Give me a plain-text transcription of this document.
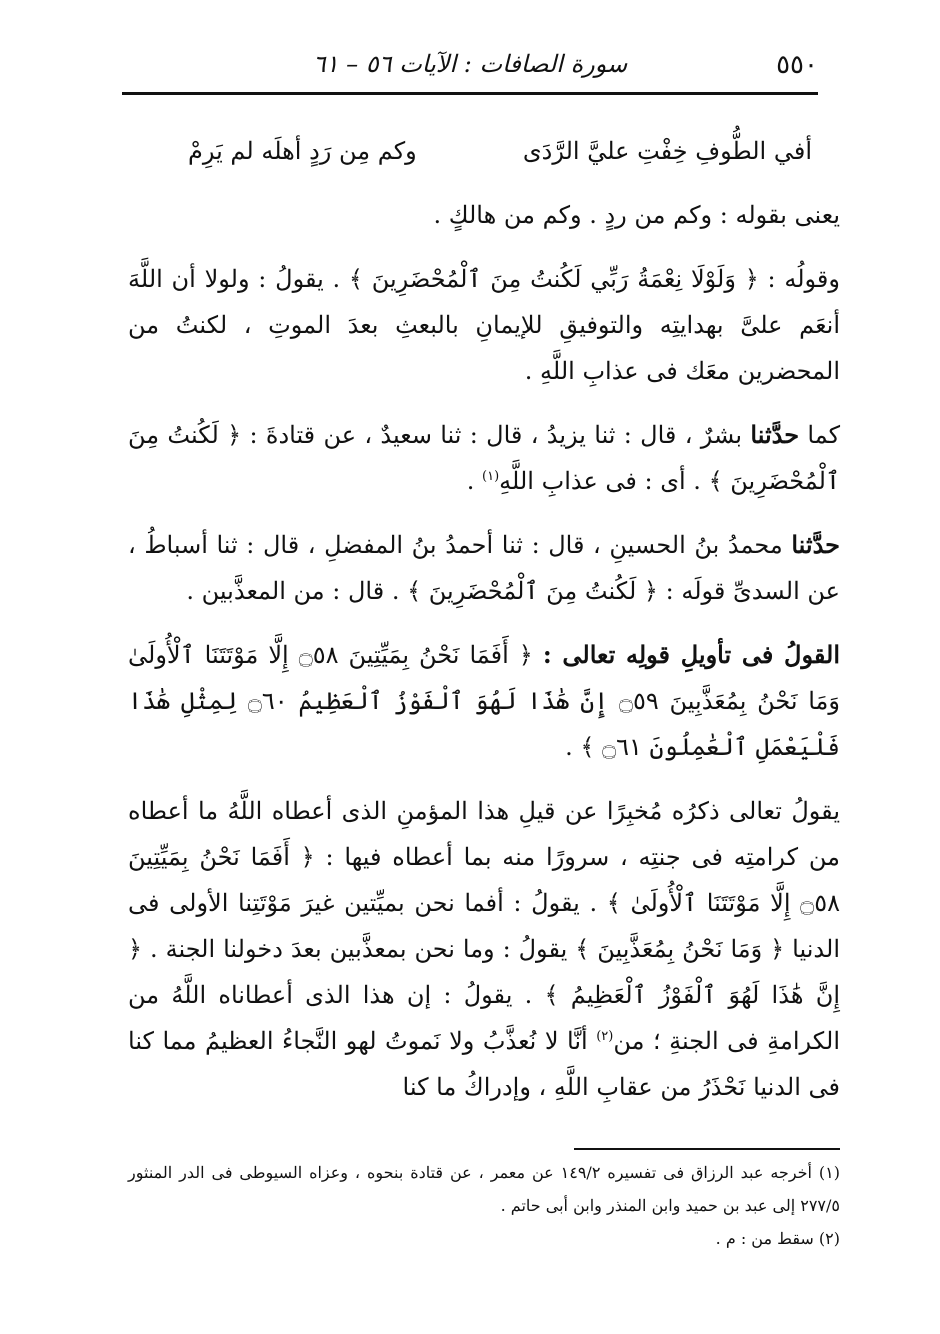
٥٥٠
سورة الصافات : الآيات ٥٦ – ٦١

أفي الطُّوفِ خِفْتِ عليَّ الرَّدَى
وكم مِن رَدٍ أهلَه لم يَرِمْ

يعنى بقوله : وكم من ردٍ . وكم من هالكٍ .

وقولُه : ﴿ وَلَوْلَا نِعْمَةُ رَبِّي لَكُنتُ مِنَ ٱلْمُحْضَرِينَ ﴾ . يقولُ : ولولا أن اللَّهَ أنعَم علىَّ بهدايتِه والتوفيقِ للإيمانِ بالبعثِ بعدَ الموتِ ، لكنتُ من المحضرين معَك فى عذابِ اللَّهِ .

كما حدَّثنا بشرٌ ، قال : ثنا يزيدُ ، قال : ثنا سعيدٌ ، عن قتادةَ : ﴿ لَكُنتُ مِنَ ٱلْمُحْضَرِينَ ﴾ . أى : فى عذابِ اللَّهِ$^{(١)}$ .

حدَّثنا محمدُ بنُ الحسينِ ، قال : ثنا أحمدُ بنُ المفضلِ ، قال : ثنا أسباطُ ، عن السدىِّ قولَه : ﴿ لَكُنتُ مِنَ ٱلْمُحْضَرِينَ ﴾ . قال : من المعذَّبين .

القولُ فى تأويلِ قولِه تعالى : ﴿ أَفَمَا نَحْنُ بِمَيِّتِينَ ۝٥٨ إِلَّا مَوْتَتَنَا ٱلْأُولَىٰ وَمَا نَحْنُ بِمُعَذَّبِينَ ۝٥٩ إِنَّ هَٰذَا لَهُوَ ٱلْفَوْزُ ٱلْعَظِيمُ ۝٦٠ لِمِثْلِ هَٰذَا فَلْيَعْمَلِ ٱلْعَٰمِلُونَ ۝٦١ ﴾ .

يقولُ تعالى ذكرُه مُخبِرًا عن قيلِ هذا المؤمنِ الذى أعطاه اللَّهُ ما أعطاه من كرامتِه فى جنتِه ، سرورًا منه بما أعطاه فيها : ﴿ أَفَمَا نَحْنُ بِمَيِّتِينَ ۝٥٨ إِلَّا مَوْتَتَنَا ٱلْأُولَىٰ ﴾ . يقولُ : أفما نحن بميِّتين غيرَ مَوْتَتِنا الأولى فى الدنيا ﴿ وَمَا نَحْنُ بِمُعَذَّبِينَ ﴾ يقولُ : وما نحن بمعذَّبين بعدَ دخولنا الجنة . ﴿ إِنَّ هَٰذَا لَهُوَ ٱلْفَوْزُ ٱلْعَظِيمُ ﴾ . يقولُ : إن هذا الذى أعطاناه اللَّهُ من الكرامةِ فى الجنةِ ؛ من$^{(٢)}$ أنَّا لا نُعذَّبُ ولا نَموتُ لهو النَّجاءُ العظيمُ مما كنا فى الدنيا نَحْذَرُ من عقابِ اللَّهِ ، وإدراكُ ما كنا

(١) أخرجه عبد الرزاق فى تفسيره ١٤٩/٢ عن معمر ، عن قتادة بنحوه ، وعزاه السيوطى فى الدر المنثور ٢٧٧/٥ إلى عبد بن حميد وابن المنذر وابن أبى حاتم .
(٢) سقط من : م .
